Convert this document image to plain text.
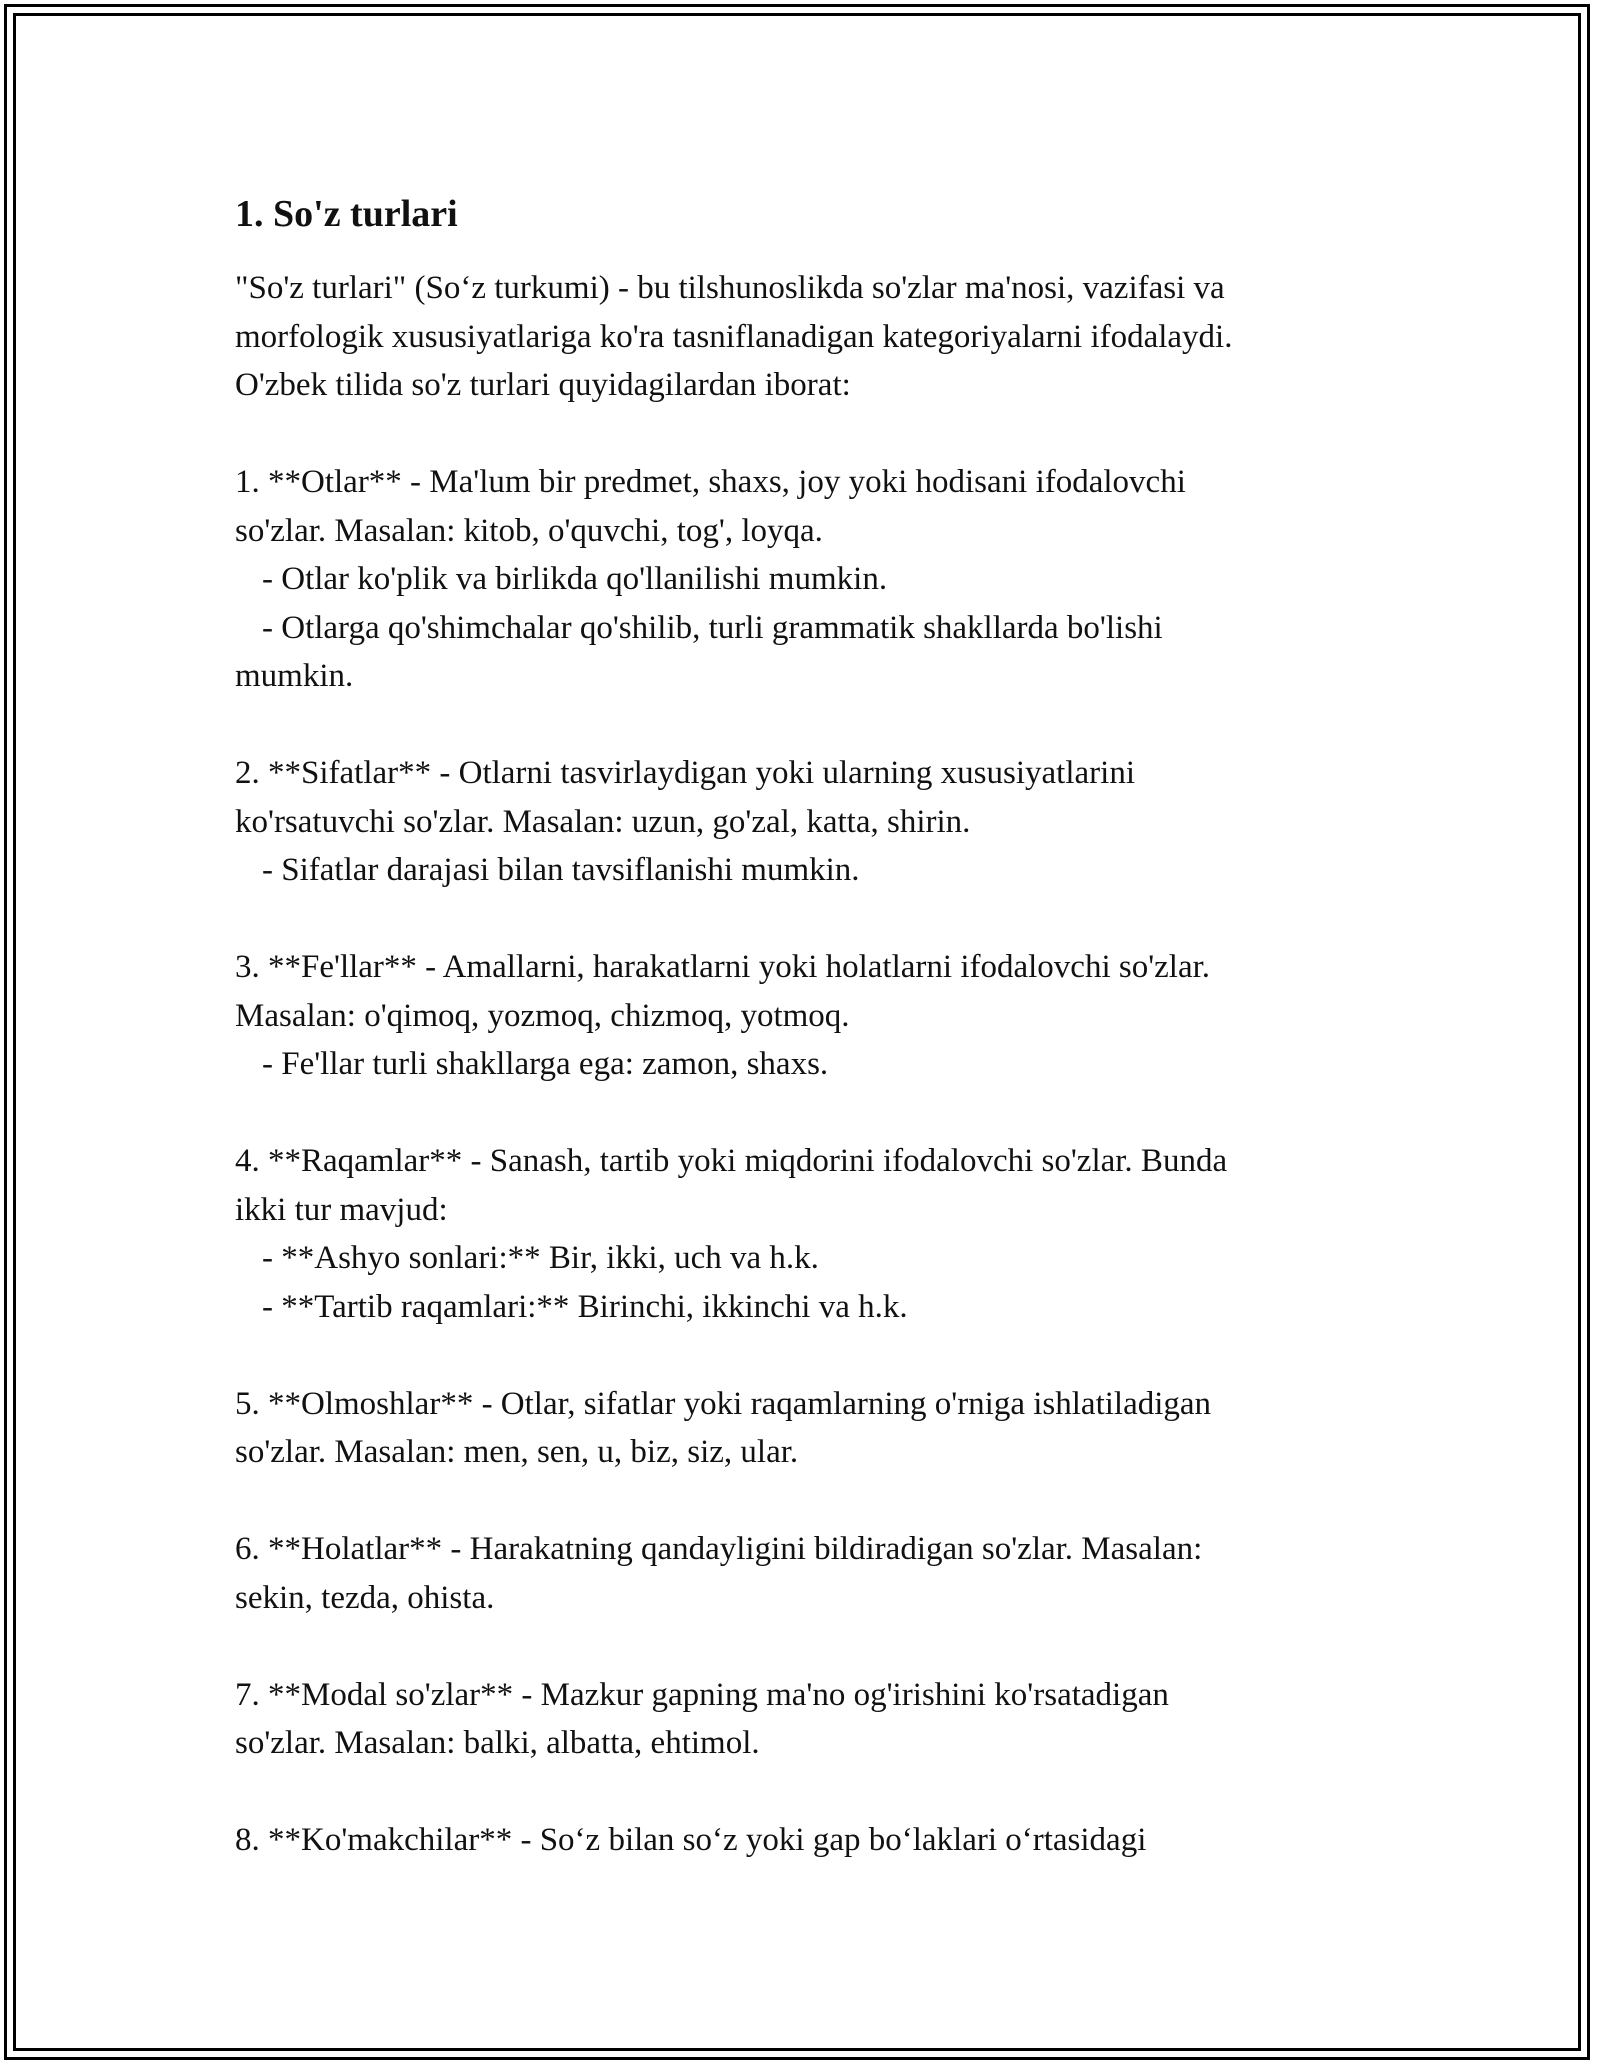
1. So'z turlari
"So'z turlari" (So‘z turkumi) - bu tilshunoslikda so'zlar ma'nosi, vazifasi va
morfologik xususiyatlariga ko'ra tasniflanadigan kategoriyalarni ifodalaydi.
O'zbek tilida so'z turlari quyidagilardan iborat:
1. **Otlar** - Ma'lum bir predmet, shaxs, joy yoki hodisani ifodalovchi
so'zlar. Masalan: kitob, o'quvchi, tog', loyqa.
- Otlar ko'plik va birlikda qo'llanilishi mumkin.
- Otlarga qo'shimchalar qo'shilib, turli grammatik shakllarda bo'lishi
mumkin.
2. **Sifatlar** - Otlarni tasvirlaydigan yoki ularning xususiyatlarini
ko'rsatuvchi so'zlar. Masalan: uzun, go'zal, katta, shirin.
- Sifatlar darajasi bilan tavsiflanishi mumkin.
3. **Fe'llar** - Amallarni, harakatlarni yoki holatlarni ifodalovchi so'zlar.
Masalan: o'qimoq, yozmoq, chizmoq, yotmoq.
- Fe'llar turli shakllarga ega: zamon, shaxs.
4. **Raqamlar** - Sanash, tartib yoki miqdorini ifodalovchi so'zlar. Bunda
ikki tur mavjud:
- **Ashyo sonlari:** Bir, ikki, uch va h.k.
- **Tartib raqamlari:** Birinchi, ikkinchi va h.k.
5. **Olmoshlar** - Otlar, sifatlar yoki raqamlarning o'rniga ishlatiladigan
so'zlar. Masalan: men, sen, u, biz, siz, ular.
6. **Holatlar** - Harakatning qandayligini bildiradigan so'zlar. Masalan:
sekin, tezda, ohista.
7. **Modal so'zlar** - Mazkur gapning ma'no og'irishini ko'rsatadigan
so'zlar. Masalan: balki, albatta, ehtimol.
8. **Ko'makchilar** - So‘z bilan so‘z yoki gap bo‘laklari o‘rtasidagi
